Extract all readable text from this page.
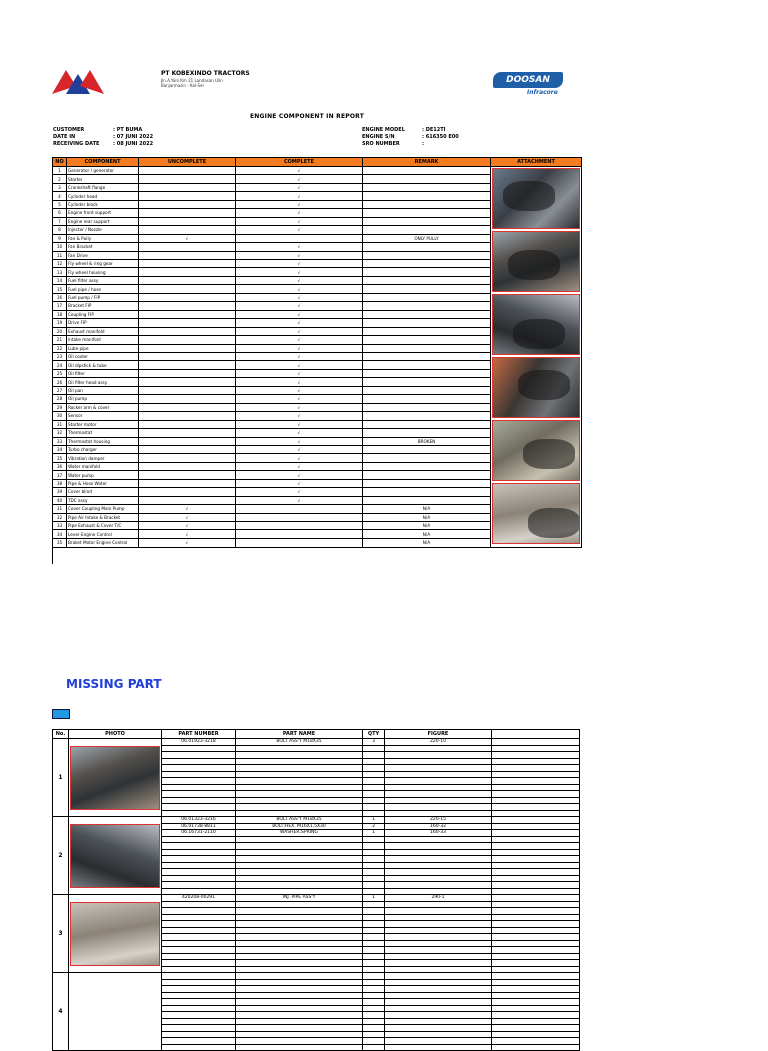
PT KOBEXINDO TRACTORS
Jln.A.Yani Km 21 Landasan Ulin
Banjarmasin - Kal-Sel
DOOSAN
Infracore
ENGINE COMPONENT IN REPORT
CUSTOMER	: PT BUMA
DATE IN	: 07 JUNI 2022
RECEIVING DATE	: 08 JUNI 2022
ENGINE MODEL	: DE12TI
ENGINE S/N	: 616350 E00
SRO NUMBER	:
NO	COMPONENT	UNCOMPLETE	COMPLETE	REMARK	ATTACHMENT
1	Generator / generator		√		

2	Starter		√		
3	Crankshaft flange		√		
4	Cylinder head		√		
5	Cylinder block		√		
6	Engine front support		√		
7	Engine rear support		√		
8	Injector / Nozzle		√		
9	Fan & Pully	√		ONLY PULLY	
10	Fan Bracket		√		
11	Fan Drive		√		
12	Fly wheel & ring gear		√		
13	Fly wheel housing		√		
14	Fuel filter assy		√		
15	Fuel pipe / hose		√		
16	Fuel pump / FIP		√		
17	Bracket FIP		√		
18	Coupling FIP		√		
19	Drive FIP		√		
20	Exhaust manifold		√		
21	Intake manifold		√		
22	Lube pipe		√		
23	Oil cooler		√		
24	Oil dipstick & tube		√		
25	Oil filter		√		
26	Oil filter head assy		√		
27	Oil pan		√		
28	Oil pump		√		
29	Rocker arm & cover		√		
30	Sensor		√		
31	Starter motor		√		
32	Thermostat		√		
33	Thermostat housing		√	BROKEN	
34	Turbo charger		√		
35	Vibration damper		√		
36	Water manifold		√		
37	Water pump		√		
38	Pipe & Hose Water		√		
39	Cover blind		√		
40	TDC assy		√		
31	Cover Coupling Main Pump	√		N/A	
32	Pipe Air Intake & Bracket	√		N/A	
33	Pipe Exhaust & Cover T/C	√		N/A	
34	Lever Engine Control	√		N/A	
35	Braket Motor Engine Control	√		N/A	

MISSING PART
No.	PHOTO	PART NUMBER	PART NAME	QTY	FIGURE	
1		06.01923-3218	BOLT ASS'Y M18X35	3	220-10	

2		06.01323-3216	BOLT ASS'Y M18X35	1	220-15	
		06.01738-8811	BOLT;HEX. M16X1.5X30	2	160-32	
		06.16731-2110	WASHER;SPRING	1	160-33	

3		420208-00291	INJ. PIPE ASS'Y	1	290-1	

4						
